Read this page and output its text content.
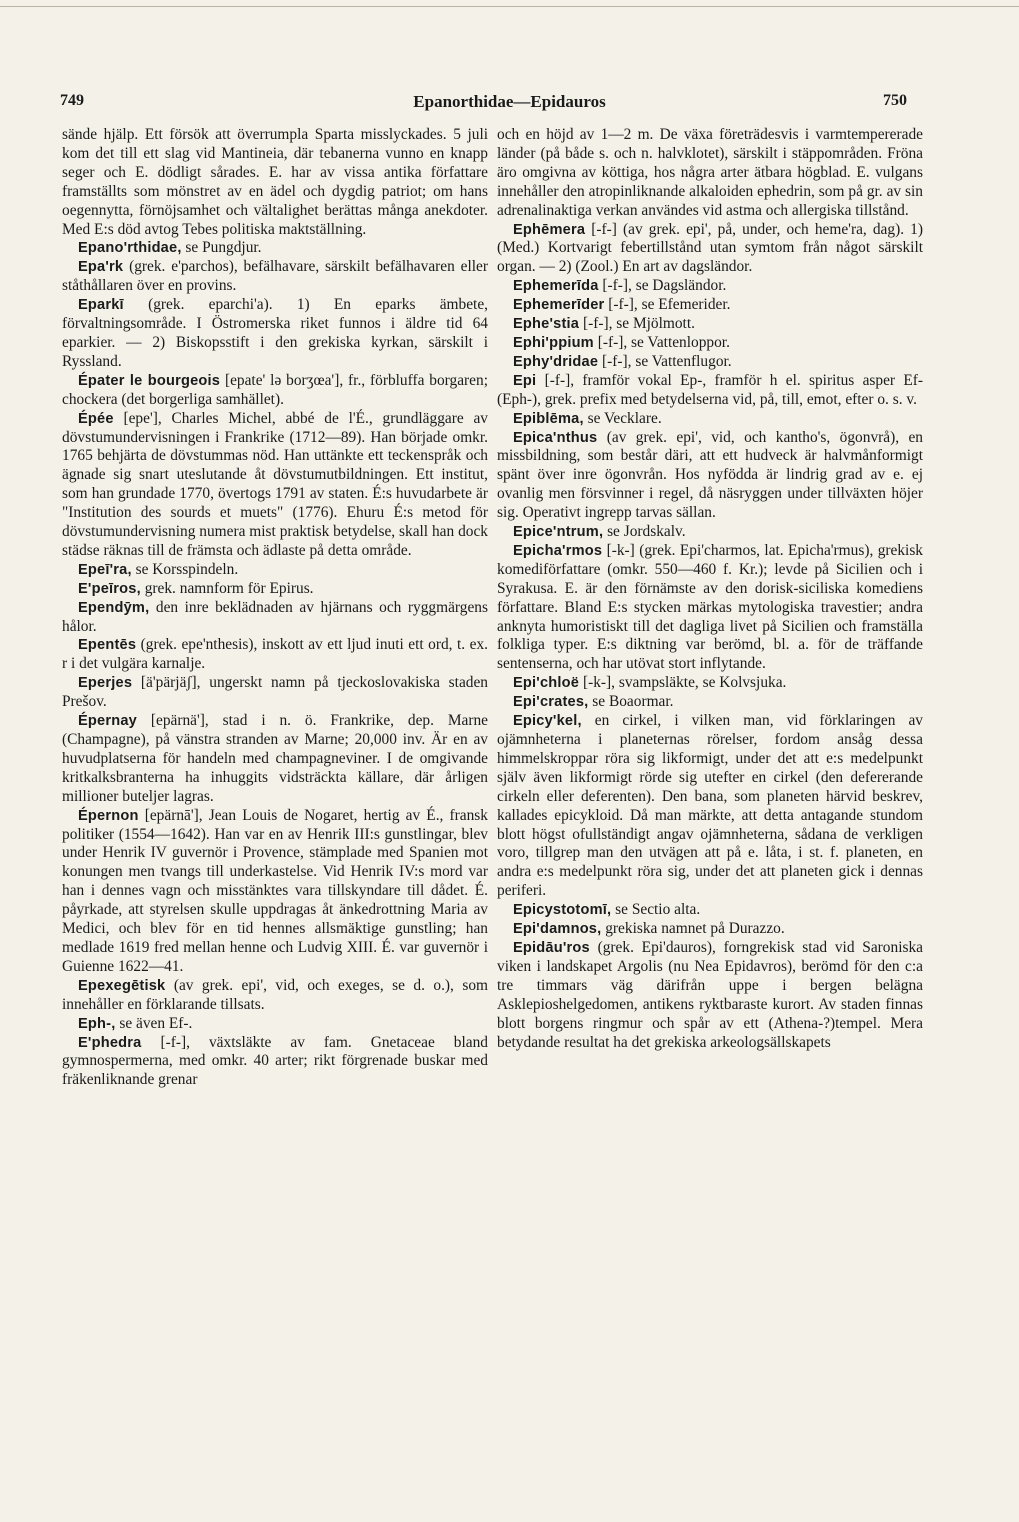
749	Epanorthidae—Epidauros	750

sände hjälp. Ett försök att överrumpla Sparta misslyckades. 5 juli kom det till ett slag vid Mantineia, där tebanerna vunno en knapp seger och E. dödligt sårades. E. har av vissa antika författare framställts som mönstret av en ädel och dygdig patriot; om hans oegennytta, förnöjsamhet och vältalighet berättas många anekdoter. Med E:s död avtog Tebes politiska maktställning.

Epano'rthidae, se Pungdjur.

Epa'rk (grek. e'parchos), befälhavare, särskilt befälhavaren eller ståthållaren över en provins.

Eparkī (grek. eparchi'a). 1) En eparks ämbete, förvaltningsområde. I Östromerska riket funnos i äldre tid 64 eparkier. — 2) Biskopsstift i den grekiska kyrkan, särskilt i Ryssland.

Épater le bourgeois [epate' lə borʒœa'], fr., förbluffa borgaren; chockera (det borgerliga samhället).

Épée [epe'], Charles Michel, abbé de l'É., grundläggare av dövstumundervisningen i Frankrike (1712—89). Han började omkr. 1765 behjärta de dövstummas nöd. Han uttänkte ett teckenspråk och ägnade sig snart uteslutande åt dövstumutbildningen. Ett institut, som han grundade 1770, övertogs 1791 av staten. É:s huvudarbete är "Institution des sourds et muets" (1776). Ehuru É:s metod för dövstumundervisning numera mist praktisk betydelse, skall han dock städse räknas till de främsta och ädlaste på detta område.

Epeī'ra, se Korsspindeln.

E'peīros, grek. namnform för Epirus.

Ependȳm, den inre beklädnaden av hjärnans och ryggmärgens hålor.

Epentēs (grek. epe'nthesis), inskott av ett ljud inuti ett ord, t. ex. r i det vulgära karnalje.

Eperjes [ä'pärjäʃ], ungerskt namn på tjeckoslovakiska staden Prešov.

Épernay [epärnä'], stad i n. ö. Frankrike, dep. Marne (Champagne), på vänstra stranden av Marne; 20,000 inv. Är en av huvudplatserna för handeln med champagneviner. I de omgivande kritkalksbranterna ha inhuggits vidsträckta källare, där årligen millioner buteljer lagras.

Épernon [epärnā'], Jean Louis de Nogaret, hertig av É., fransk politiker (1554—1642). Han var en av Henrik III:s gunstlingar, blev under Henrik IV guvernör i Provence, stämplade med Spanien mot konungen men tvangs till underkastelse. Vid Henrik IV:s mord var han i dennes vagn och misstänktes vara tillskyndare till dådet. É. påyrkade, att styrelsen skulle uppdragas åt änkedrottning Maria av Medici, och blev för en tid hennes allsmäktige gunstling; han medlade 1619 fred mellan henne och Ludvig XIII. É. var guvernör i Guienne 1622—41.

Epexegētisk (av grek. epi', vid, och exeges, se d. o.), som innehåller en förklarande tillsats.

Eph-, se även Ef-.

E'phedra [-f-], växtsläkte av fam. Gnetaceae bland gymnospermerna, med omkr. 40 arter; rikt förgrenade buskar med fräkenliknande grenar

och en höjd av 1—2 m. De växa företrädesvis i varmtempererade länder (på både s. och n. halvklotet), särskilt i stäppområden. Fröna äro omgivna av köttiga, hos några arter ätbara högblad. E. vulgans innehåller den atropinliknande alkaloiden ephedrin, som på gr. av sin adrenalinaktiga verkan användes vid astma och allergiska tillstånd.

Ephēmera [-f-] (av grek. epi', på, under, och heme'ra, dag). 1) (Med.) Kortvarigt febertillstånd utan symtom från något särskilt organ. — 2) (Zool.) En art av dagsländor.

Ephemerīda [-f-], se Dagsländor.

Ephemerīder [-f-], se Efemerider.

Ephe'stia [-f-], se Mjölmott.

Ephi'ppium [-f-], se Vattenloppor.

Ephy'dridae [-f-], se Vattenflugor.

Epi [-f-], framför vokal Ep-, framför h el. spiritus asper Ef- (Eph-), grek. prefix med betydelserna vid, på, till, emot, efter o. s. v.

Epiblēma, se Vecklare.

Epica'nthus (av grek. epi', vid, och kantho's, ögonvrå), en missbildning, som består däri, att ett hudveck är halvmånformigt spänt över inre ögonvrån. Hos nyfödda är lindrig grad av e. ej ovanlig men försvinner i regel, då näsryggen under tillväxten höjer sig. Operativt ingrepp tarvas sällan.

Epice'ntrum, se Jordskalv.

Epicha'rmos [-k-] (grek. Epi'charmos, lat. Epicha'rmus), grekisk komediförfattare (omkr. 550—460 f. Kr.); levde på Sicilien och i Syrakusa. E. är den förnämste av den dorisk-siciliska komediens författare. Bland E:s stycken märkas mytologiska travestier; andra anknyta humoristiskt till det dagliga livet på Sicilien och framställa folkliga typer. E:s diktning var berömd, bl. a. för de träffande sentenserna, och har utövat stort inflytande.

Epi'chloë [-k-], svampsläkte, se Kolvsjuka.

Epi'crates, se Boaormar.

Epicy'kel, en cirkel, i vilken man, vid förklaringen av ojämnheterna i planeternas rörelser, fordom ansåg dessa himmelskroppar röra sig likformigt, under det att e:s medelpunkt själv även likformigt rörde sig utefter en cirkel (den defererande cirkeln eller deferenten). Den bana, som planeten härvid beskrev, kallades epicykloid. Då man märkte, att detta antagande stundom blott högst ofullständigt angav ojämnheterna, sådana de verkligen voro, tillgrep man den utvägen att på e. låta, i st. f. planeten, en andra e:s medelpunkt röra sig, under det att planeten gick i dennas periferi.

Epicystotomī, se Sectio alta.

Epi'damnos, grekiska namnet på Durazzo.

Epidāu'ros (grek. Epi'dauros), forngrekisk stad vid Saroniska viken i landskapet Argolis (nu Nea Epidavros), berömd för den c:a tre timmars väg därifrån uppe i bergen belägna Asklepioshelgedomen, antikens ryktbaraste kurort. Av staden finnas blott borgens ringmur och spår av ett (Athena-?)tempel. Mera betydande resultat ha det grekiska arkeologsällskapets
